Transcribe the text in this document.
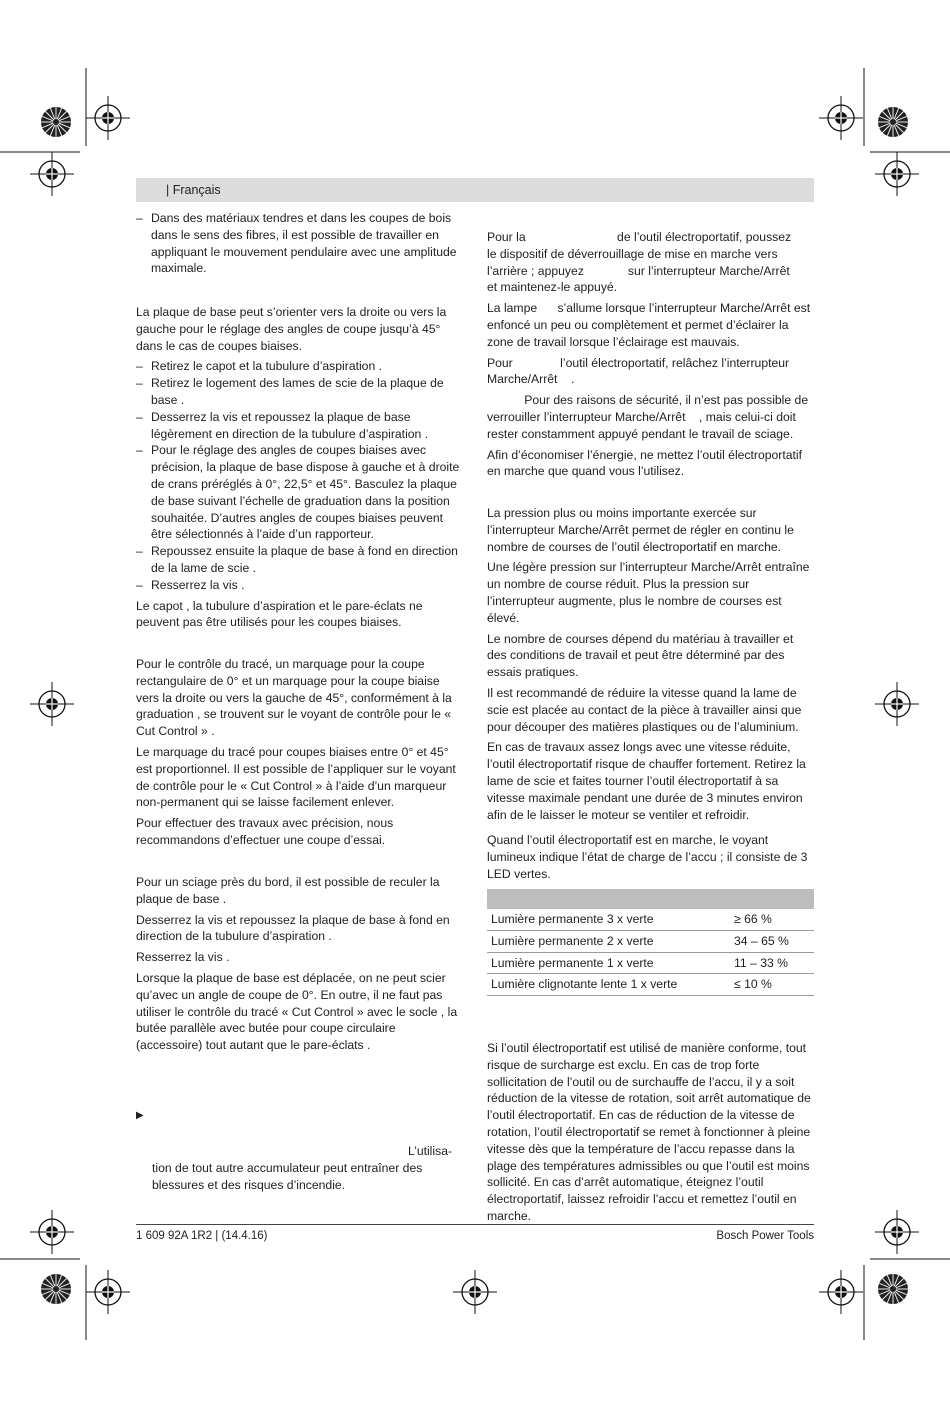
| Français

– Dans des matériaux tendres et dans les coupes de bois dans le sens des fibres, il est possible de travailler en appliquant le mouvement pendulaire avec une amplitude maximale.

La plaque de base peut s’orienter vers la droite ou vers la gauche pour le réglage des angles de coupe jusqu’à 45° dans le cas de coupes biaises.

– Retirez le capot et la tubulure d’aspiration .

– Retirez le logement des lames de scie de la plaque de base .

– Desserrez la vis et repoussez la plaque de base légèrement en direction de la tubulure d’aspiration .

– Pour le réglage des angles de coupes biaises avec précision, la plaque de base dispose à gauche et à droite de crans préréglés à 0°, 22,5° et 45°. Basculez la plaque de base suivant l’échelle de graduation dans la position souhaitée. D’autres angles de coupes biaises peuvent être sélectionnés à l’aide d’un rapporteur.

– Repoussez ensuite la plaque de base à fond en direction de la lame de scie .

– Resserrez la vis .

Le capot , la tubulure d’aspiration et le pare-éclats ne peuvent pas être utilisés pour les coupes biaises.

Pour le contrôle du tracé, un marquage pour la coupe rectangulaire de 0° et un marquage pour la coupe biaise vers la droite ou vers la gauche de 45°, conformément à la graduation , se trouvent sur le voyant de contrôle pour le « Cut Control » .

Le marquage du tracé pour coupes biaises entre 0° et 45° est proportionnel. Il est possible de l’appliquer sur le voyant de contrôle pour le « Cut Control » à l’aide d’un marqueur non-permanent qui se laisse facilement enlever.

Pour effectuer des travaux avec précision, nous recommandons d’effectuer une coupe d’essai.

Pour un sciage près du bord, il est possible de reculer la plaque de base .

Desserrez la vis et repoussez la plaque de base à fond en direction de la tubulure d’aspiration .

Resserrez la vis .

Lorsque la plaque de base est déplacée, on ne peut scier qu’avec un angle de coupe de 0°. En outre, il ne faut pas utiliser le contrôle du tracé « Cut Control » avec le socle , la butée parallèle avec butée pour coupe circulaire (accessoire) tout autant que le pare-éclats .

▶
L’utilisa-
tion de tout autre accumulateur peut entraîner des blessures et des risques d’incendie.

Pour la                           de l’outil électroportatif, poussez            le dispositif de déverrouillage de mise en marche vers l’arrière ; appuyez             sur l’interrupteur Marche/Arrêt     et maintenez-le appuyé.

La lampe      s’allume lorsque l’interrupteur Marche/Arrêt est enfoncé un peu ou complètement et permet d’éclairer la zone de travail lorsque l’éclairage est mauvais.

Pour              l’outil électroportatif, relâchez l’interrupteur Marche/Arrêt    .

Pour des raisons de sécurité, il n’est pas possible de verrouiller l’interrupteur Marche/Arrêt    , mais celui-ci doit rester constamment appuyé pendant le travail de sciage.

Afin d’économiser l’énergie, ne mettez l’outil électroportatif en marche que quand vous l’utilisez.

La pression plus ou moins importante exercée sur l’interrupteur Marche/Arrêt permet de régler en continu le nombre de courses de l’outil électroportatif en marche.

Une légère pression sur l’interrupteur Marche/Arrêt entraîne un nombre de course réduit. Plus la pression sur l’interrupteur augmente, plus le nombre de courses est élevé.

Le nombre de courses dépend du matériau à travailler et des conditions de travail et peut être déterminé par des essais pratiques.

Il est recommandé de réduire la vitesse quand la lame de scie est placée au contact de la pièce à travailler ainsi que pour découper des matières plastiques ou de l’aluminium.

En cas de travaux assez longs avec une vitesse réduite, l’outil électroportatif risque de chauffer fortement. Retirez la lame de scie et faites tourner l’outil électroportatif à sa vitesse maximale pendant une durée de 3 minutes environ afin de le laisser le moteur se ventiler et refroidir.

Quand l’outil électroportatif est en marche, le voyant lumineux indique l’état de charge de l’accu ; il consiste de 3 LED vertes.

Lumière permanente 3 x verte	≥ 66 %
Lumière permanente 2 x verte	34 – 65 %
Lumière permanente 1 x verte	11 – 33 %
Lumière clignotante lente 1 x verte	≤ 10 %

Si l’outil électroportatif est utilisé de manière conforme, tout risque de surcharge est exclu. En cas de trop forte sollicitation de l’outil ou de surchauffe de l’accu, il y a soit réduction de la vitesse de rotation, soit arrêt automatique de l’outil électroportatif. En cas de réduction de la vitesse de rotation, l’outil électroportatif se remet à fonctionner à pleine vitesse dès que la température de l’accu repasse dans la plage des températures admissibles ou que l’outil est moins sollicité. En cas d’arrêt automatique, éteignez l’outil électroportatif, laissez refroidir l’accu et remettez l’outil en marche.

1 609 92A 1R2 | (14.4.16)	Bosch Power Tools
